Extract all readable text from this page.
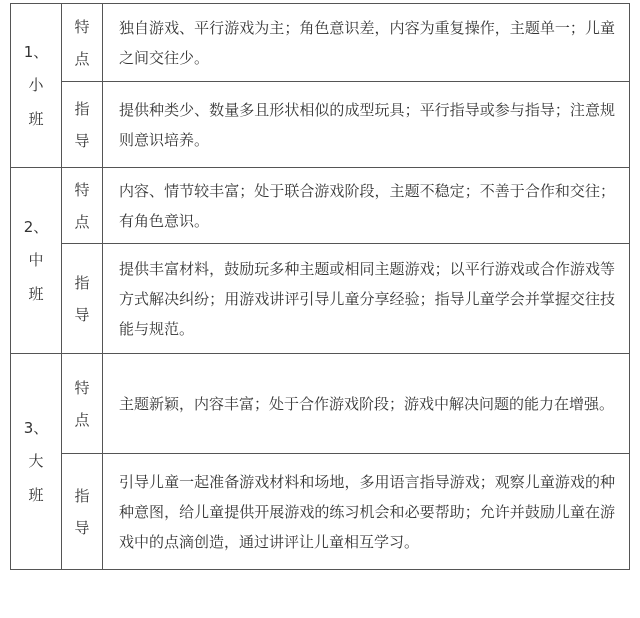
1、
小
班	特
点	独自游戏、平行游戏为主；角色意识差，内容为重复操作，主题单一；儿童之间交往少。

	指
导	提供种类少、数量多且形状相似的成型玩具；平行指导或参与指导；注意规则意识培养。

2、
中
班	特
点	内容、情节较丰富；处于联合游戏阶段，主题不稳定；不善于合作和交往；有角色意识。

	指
导	提供丰富材料，鼓励玩多种主题或相同主题游戏；以平行游戏或合作游戏等方式解决纠纷；用游戏讲评引导儿童分享经验；指导儿童学会并掌握交往技能与规范。

3、
大
班	特
点	主题新颖，内容丰富；处于合作游戏阶段；游戏中解决问题的能力在增强。

	指
导	引导儿童一起准备游戏材料和场地，多用语言指导游戏；观察儿童游戏的种种意图，给儿童提供开展游戏的练习机会和必要帮助；允许并鼓励儿童在游戏中的点滴创造，通过讲评让儿童相互学习。
